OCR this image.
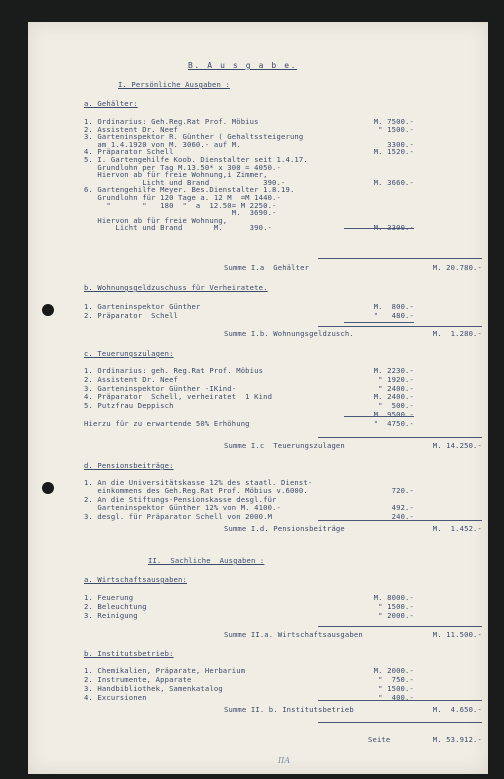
B. A u s g a b e.
I. Persönliche Ausgaben :
a. Gehälter:
1. Ordinarius: Geh.Reg.Rat Prof. Möbius	M. 7500.-
2. Assistent Dr. Neef	" 1500.-
3. Garteninspektor R. Günther ( Gehaltssteigerung
am 1.4.1920 von M. 3060.- auf M.	3300.-
4. Präparator Schell	M. 1520.-
5. I. Gartengehilfe Koob. Dienstalter seit 1.4.17.
Grundlohn per Tag M.13.50* x 300 = 4050.-
Hiervon ab für freie Wohnung,i Zimmer,
Licht und Brand            390.-	M. 3660.-
6. Gartengehilfe Meyer. Bes.Dienstalter 1.8.19.
Grundlohn für 120 Tage a. 12 M  =M 1440.-
"       "   180  "  a  12.50= M 2250.-
M.  3690.-
Hiervon ab für freie Wohnung,
Licht und Brand       M.      390.-	M. 3300.-
Summe I.a  Gehälter	M. 20.780.-
b. Wohnungsgeldzuschuss für Verheiratete.
1. Garteninspektor Günther	M.  800.-
2. Präparator  Schell	"   480.-
Summe I.b. Wohnungsgeldzusch.	M.  1.280.-
c. Teuerungszulagen:
1. Ordinarius: geh. Reg.Rat Prof. Möbius	M. 2230.-
2. Assistent Dr. Neef	" 1920.-
3. Garteninspektor Günther -IKind-	" 2400.-
4. Präparator  Schell, verheiratet  1 Kind	M. 2400.-
5. Putzfrau Deppisch	"  500.-
M. 9500.-
Hierzu für zu erwartende 50% Erhöhung	"  4750.-
Summe I.c  Teuerungszulagen	M. 14.250.-
d. Pensionsbeiträge:
1. An die Universitätskasse 12% des staatl. Dienst-
einkommens des Geh.Reg.Rat Prof. Möbius v.6000.	720.-
2. An die Stiftungs-Pensionskasse desgl.für
Garteninspektor Günther 12% von M. 4100.-	492.-
3. desgl. für Präparator Schell von 2000.M	240.-
Summe I.d. Pensionsbeiträge	M.  1.452.-
II.  Sachliche  Ausgaben :
a. Wirtschaftsausgaben:
1. Feuerung	M. 8000.-
2. Beleuchtung	" 1500.-
3. Reinigung	" 2000.-
Summe II.a. Wirtschaftsausgaben	M. 11.500.-
b. Institutsbetrieb:
1. Chemikalien, Präparate, Herbarium	M. 2000.-
2. Instrumente, Apparate	"  750.-
3. Handbibliothek, Samenkatalog	" 1500.-
4. Excursionen	"  400.-
Summe II. b. Institutsbetrieb	M.  4.650.-
Seite	M. 53.912.-
IIA
